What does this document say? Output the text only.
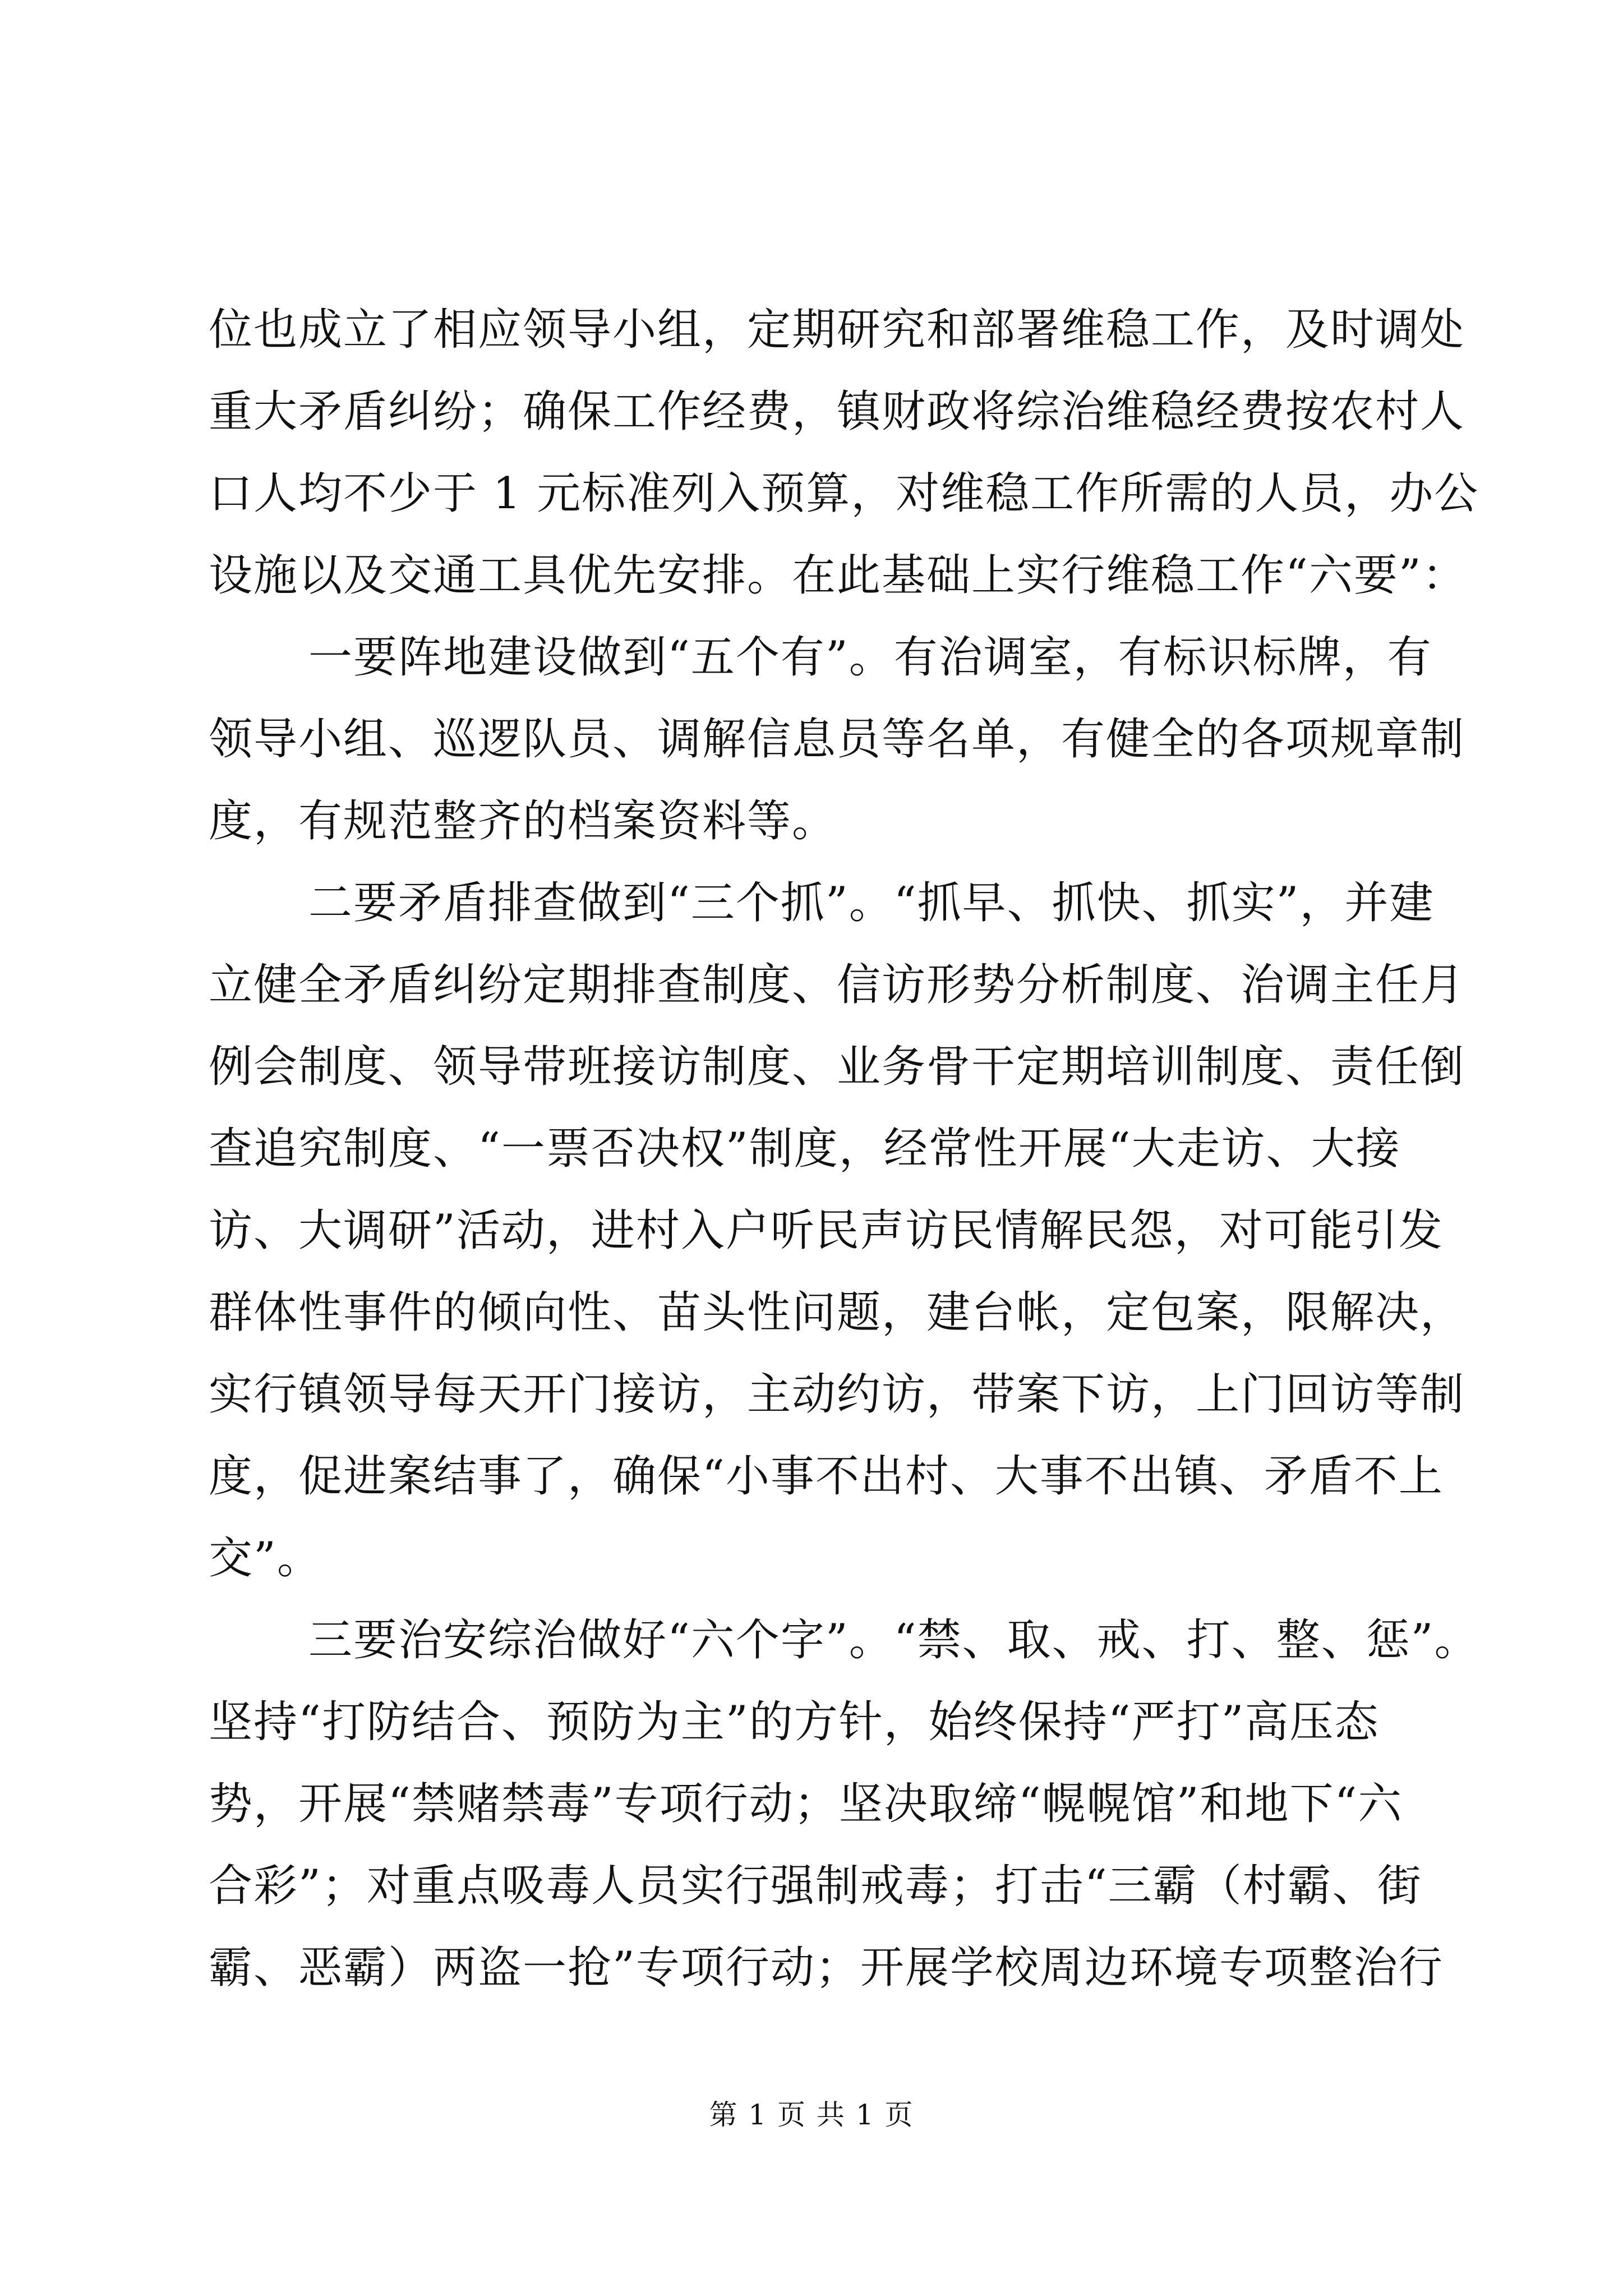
位也成立了相应领导小组，定期研究和部署维稳工作，及时调处
重大矛盾纠纷；确保工作经费，镇财政将综治维稳经费按农村人
口人均不少于 1 元标准列入预算，对维稳工作所需的人员，办公
设施以及交通工具优先安排。在此基础上实行维稳工作“六要”：
一要阵地建设做到“五个有”。有治调室，有标识标牌，有
领导小组、巡逻队员、调解信息员等名单，有健全的各项规章制
度，有规范整齐的档案资料等。
二要矛盾排查做到“三个抓”。“抓早、抓快、抓实”，并建
立健全矛盾纠纷定期排查制度、信访形势分析制度、治调主任月
例会制度、领导带班接访制度、业务骨干定期培训制度、责任倒
查追究制度、“一票否决权”制度，经常性开展“大走访、大接
访、大调研”活动，进村入户听民声访民情解民怨，对可能引发
群体性事件的倾向性、苗头性问题，建台帐，定包案，限解决，
实行镇领导每天开门接访，主动约访，带案下访，上门回访等制
度，促进案结事了，确保“小事不出村、大事不出镇、矛盾不上
交”。
三要治安综治做好“六个字”。“禁、取、戒、打、整、惩”。
坚持“打防结合、预防为主”的方针，始终保持“严打”高压态
势，开展“禁赌禁毒”专项行动；坚决取缔“幌幌馆”和地下“六
合彩”；对重点吸毒人员实行强制戒毒；打击“三霸（村霸、街
霸、恶霸）两盗一抢”专项行动；开展学校周边环境专项整治行
第 1 页 共 1 页
